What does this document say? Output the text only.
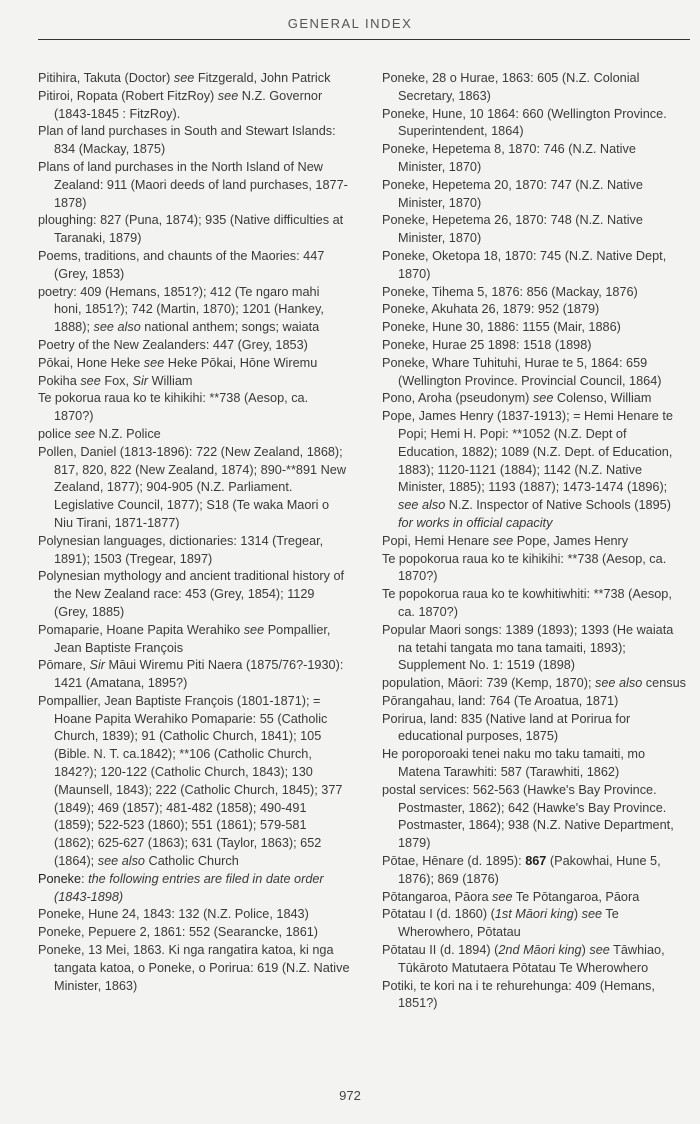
GENERAL INDEX

Pitihira, Takuta (Doctor) see Fitzgerald, John Patrick

Pitiroi, Ropata (Robert FitzRoy) see N.Z. Governor (1843-1845 : FitzRoy).

Plan of land purchases in South and Stewart Islands: 834 (Mackay, 1875)

Plans of land purchases in the North Island of New Zealand: 911 (Maori deeds of land purchases, 1877-1878)

ploughing: 827 (Puna, 1874); 935 (Native difficulties at Taranaki, 1879)

Poems, traditions, and chaunts of the Maories: 447 (Grey, 1853)

poetry: 409 (Hemans, 1851?); 412 (Te ngaro mahi honi, 1851?); 742 (Martin, 1870); 1201 (Hankey, 1888); see also national anthem; songs; waiata

Poetry of the New Zealanders: 447 (Grey, 1853)

Pōkai, Hone Heke see Heke Pōkai, Hōne Wiremu

Pokiha see Fox, Sir William

Te pokorua raua ko te kihikihi: **738 (Aesop, ca. 1870?)

police see N.Z. Police

Pollen, Daniel (1813-1896): 722 (New Zealand, 1868); 817, 820, 822 (New Zealand, 1874); 890-**891 New Zealand, 1877); 904-905 (N.Z. Parliament. Legislative Council, 1877); S18 (Te waka Maori o Niu Tirani, 1871-1877)

Polynesian languages, dictionaries: 1314 (Tregear, 1891); 1503 (Tregear, 1897)

Polynesian mythology and ancient traditional history of the New Zealand race: 453 (Grey, 1854); 1129 (Grey, 1885)

Pomaparie, Hoane Papita Werahiko see Pompallier, Jean Baptiste François

Pōmare, Sir Māui Wiremu Piti Naera (1875/76?-1930): 1421 (Amatana, 1895?)

Pompallier, Jean Baptiste François (1801-1871); = Hoane Papita Werahiko Pomaparie: 55 (Catholic Church, 1839); 91 (Catholic Church, 1841); 105 (Bible. N. T. ca.1842); **106 (Catholic Church, 1842?); 120-122 (Catholic Church, 1843); 130 (Maunsell, 1843); 222 (Catholic Church, 1845); 377 (1849); 469 (1857); 481-482 (1858); 490-491 (1859); 522-523 (1860); 551 (1861); 579-581 (1862); 625-627 (1863); 631 (Taylor, 1863); 652 (1864); see also Catholic Church

Poneke: the following entries are filed in date order (1843-1898)

Poneke, Hune 24, 1843: 132 (N.Z. Police, 1843)

Poneke, Pepuere 2, 1861: 552 (Searancke, 1861)

Poneke, 13 Mei, 1863. Ki nga rangatira katoa, ki nga tangata katoa, o Poneke, o Porirua: 619 (N.Z. Native Minister, 1863)

Poneke, 28 o Hurae, 1863: 605 (N.Z. Colonial Secretary, 1863)

Poneke, Hune, 10 1864: 660 (Wellington Province. Superintendent, 1864)

Poneke, Hepetema 8, 1870: 746 (N.Z. Native Minister, 1870)

Poneke, Hepetema 20, 1870: 747 (N.Z. Native Minister, 1870)

Poneke, Hepetema 26, 1870: 748 (N.Z. Native Minister, 1870)

Poneke, Oketopa 18, 1870: 745 (N.Z. Native Dept, 1870)

Poneke, Tihema 5, 1876: 856 (Mackay, 1876)

Poneke, Akuhata 26, 1879: 952 (1879)

Poneke, Hune 30, 1886: 1155 (Mair, 1886)

Poneke, Hurae 25 1898: 1518 (1898)

Poneke, Whare Tuhituhi, Hurae te 5, 1864: 659 (Wellington Province. Provincial Council, 1864)

Pono, Aroha (pseudonym) see Colenso, William

Pope, James Henry (1837-1913); = Hemi Henare te Popi; Hemi H. Popi: **1052 (N.Z. Dept of Education, 1882); 1089 (N.Z. Dept. of Education, 1883); 1120-1121 (1884); 1142 (N.Z. Native Minister, 1885); 1193 (1887); 1473-1474 (1896); see also N.Z. Inspector of Native Schools (1895) for works in official capacity

Popi, Hemi Henare see Pope, James Henry

Te popokorua raua ko te kihikihi: **738 (Aesop, ca. 1870?)

Te popokorua raua ko te kowhitiwhiti: **738 (Aesop, ca. 1870?)

Popular Maori songs: 1389 (1893); 1393 (He waiata na tetahi tangata mo tana tamaiti, 1893); Supplement No. 1: 1519 (1898)

population, Māori: 739 (Kemp, 1870); see also census

Pōrangahau, land: 764 (Te Aroatua, 1871)

Porirua, land: 835 (Native land at Porirua for educational purposes, 1875)

He poroporoaki tenei naku mo taku tamaiti, mo Matena Tarawhiti: 587 (Tarawhiti, 1862)

postal services: 562-563 (Hawke's Bay Province. Postmaster, 1862); 642 (Hawke's Bay Province. Postmaster, 1864); 938 (N.Z. Native Department, 1879)

Pōtae, Hēnare (d. 1895): 867 (Pakowhai, Hune 5, 1876); 869 (1876)

Pōtangaroa, Pāora see Te Pōtangaroa, Pāora

Pōtatau I (d. 1860) (1st Māori king) see Te Wherowhero, Pōtatau

Pōtatau II (d. 1894) (2nd Māori king) see Tāwhiao, Tūkāroto Matutaera Pōtatau Te Wherowhero

Potiki, te kori na i te rehurehunga: 409 (Hemans, 1851?)

972
